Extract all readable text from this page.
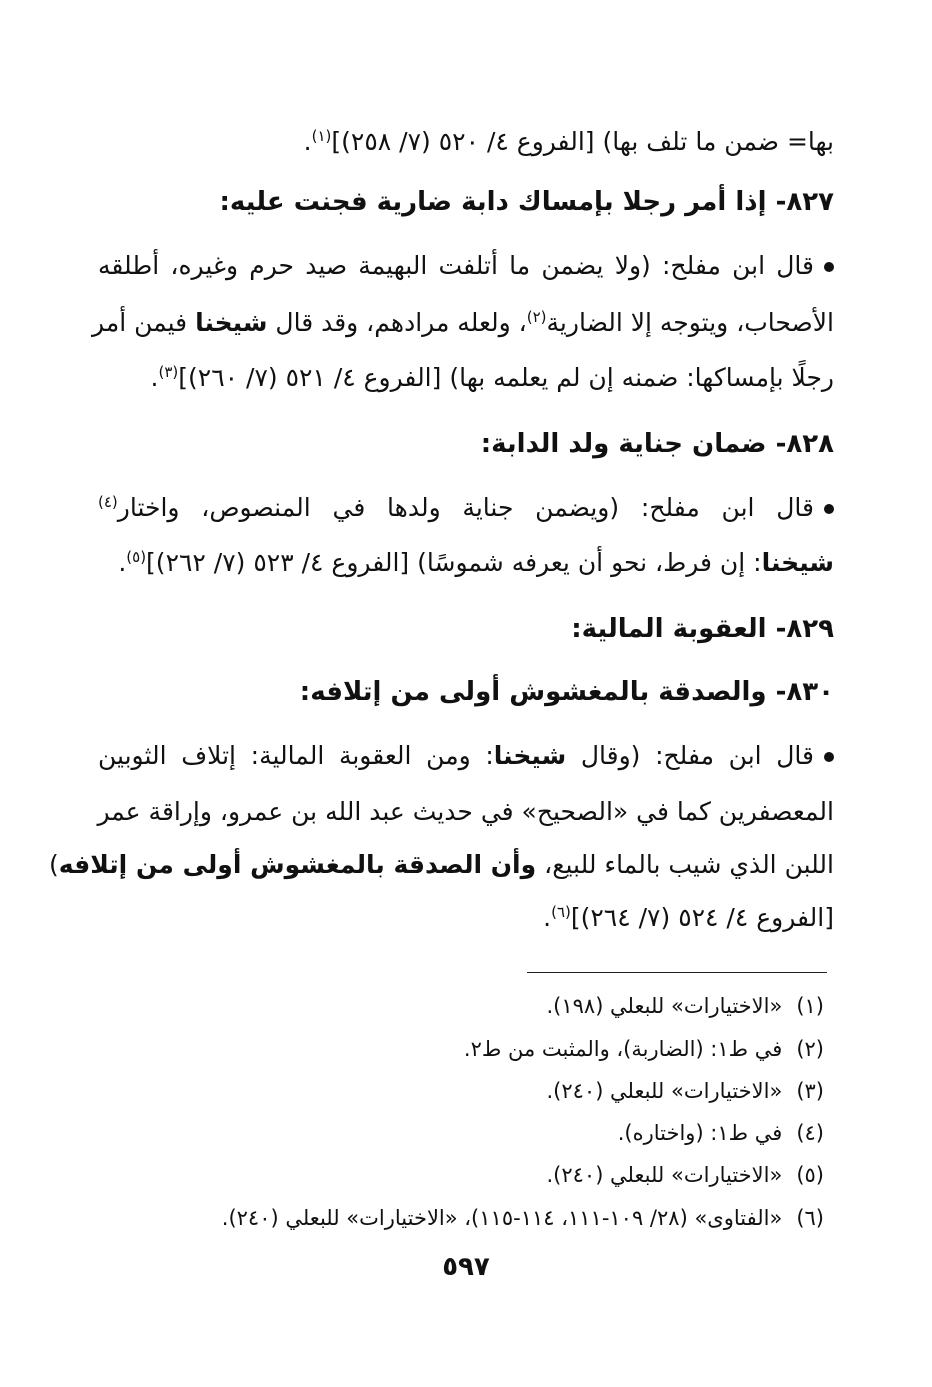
بها= ضمن ما تلف بها) [الفروع ٤/ ٥٢٠ (٧/ ٢٥٨)]$^{(١)}$.
٨٢٧- إذا أمر رجلا بإمساك دابة ضارية فجنت عليه:
قال ابن مفلح: (ولا يضمن ما أتلفت البهيمة صيد حرم وغيره، أطلقه
الأصحاب، ويتوجه إلا الضارية$^{(٢)}$، ولعله مرادهم، وقد قال شيخنا فيمن أمر
رجلًا بإمساكها: ضمنه إن لم يعلمه بها) [الفروع ٤/ ٥٢١ (٧/ ٢٦٠)]$^{(٣)}$.
٨٢٨- ضمان جناية ولد الدابة:
قال ابن مفلح: (ويضمن جناية ولدها في المنصوص، واختار$^{(٤)}$
شيخنا: إن فرط، نحو أن يعرفه شموسًا) [الفروع ٤/ ٥٢٣ (٧/ ٢٦٢)]$^{(٥)}$.
٨٢٩- العقوبة المالية:
٨٣٠- والصدقة بالمغشوش أولى من إتلافه:
قال ابن مفلح: (وقال شيخنا: ومن العقوبة المالية: إتلاف الثوبين
المعصفرين كما في «الصحيح» في حديث عبد الله بن عمرو، وإراقة عمر
اللبن الذي شيب بالماء للبيع، وأن الصدقة بالمغشوش أولى من إتلافه)
[الفروع ٤/ ٥٢٤ (٧/ ٢٦٤)]$^{(٦)}$.
(١)«الاختيارات» للبعلي (١٩٨).
(٢)في ط١: (الضاربة)، والمثبت من ط٢.
(٣)«الاختيارات» للبعلي (٢٤٠).
(٤)في ط١: (واختاره).
(٥)«الاختيارات» للبعلي (٢٤٠).
(٦)«الفتاوى» (٢٨/ ١٠٩-١١١، ١١٤-١١٥)، «الاختيارات» للبعلي (٢٤٠).
٥٩٧
